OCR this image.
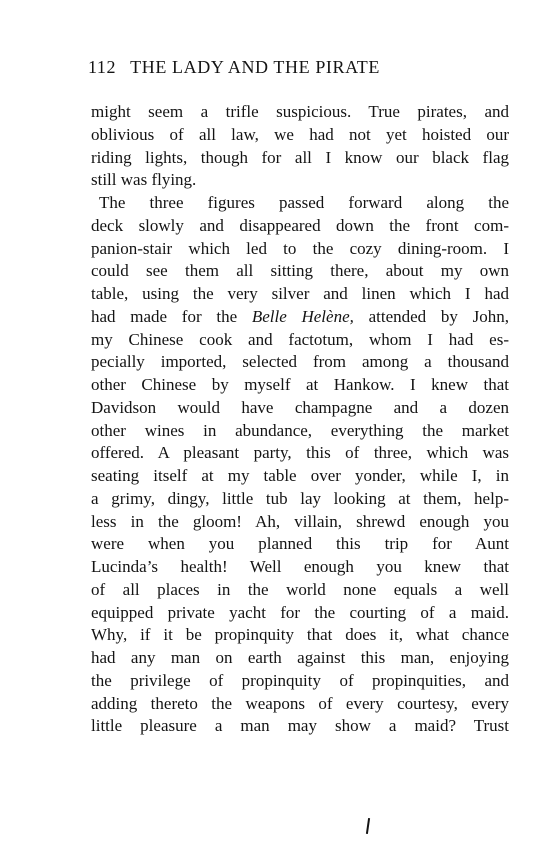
112 THE LADY AND THE PIRATE
might seem a trifle suspicious. True pirates, and
oblivious of all law, we had not yet hoisted our
riding lights, though for all I know our black flag
still was flying.
The three figures passed forward along the
deck slowly and disappeared down the front com-
panion-stair which led to the cozy dining-room. I
could see them all sitting there, about my own
table, using the very silver and linen which I had
had made for the Belle Helène, attended by John,
my Chinese cook and factotum, whom I had es-
pecially imported, selected from among a thousand
other Chinese by myself at Hankow. I knew that
Davidson would have champagne and a dozen
other wines in abundance, everything the market
offered. A pleasant party, this of three, which was
seating itself at my table over yonder, while I, in
a grimy, dingy, little tub lay looking at them, help-
less in the gloom! Ah, villain, shrewd enough you
were when you planned this trip for Aunt
Lucinda’s health! Well enough you knew that
of all places in the world none equals a well
equipped private yacht for the courting of a maid.
Why, if it be propinquity that does it, what chance
had any man on earth against this man, enjoying
the privilege of propinquity of propinquities, and
adding thereto the weapons of every courtesy, every
little pleasure a man may show a maid? Trust
